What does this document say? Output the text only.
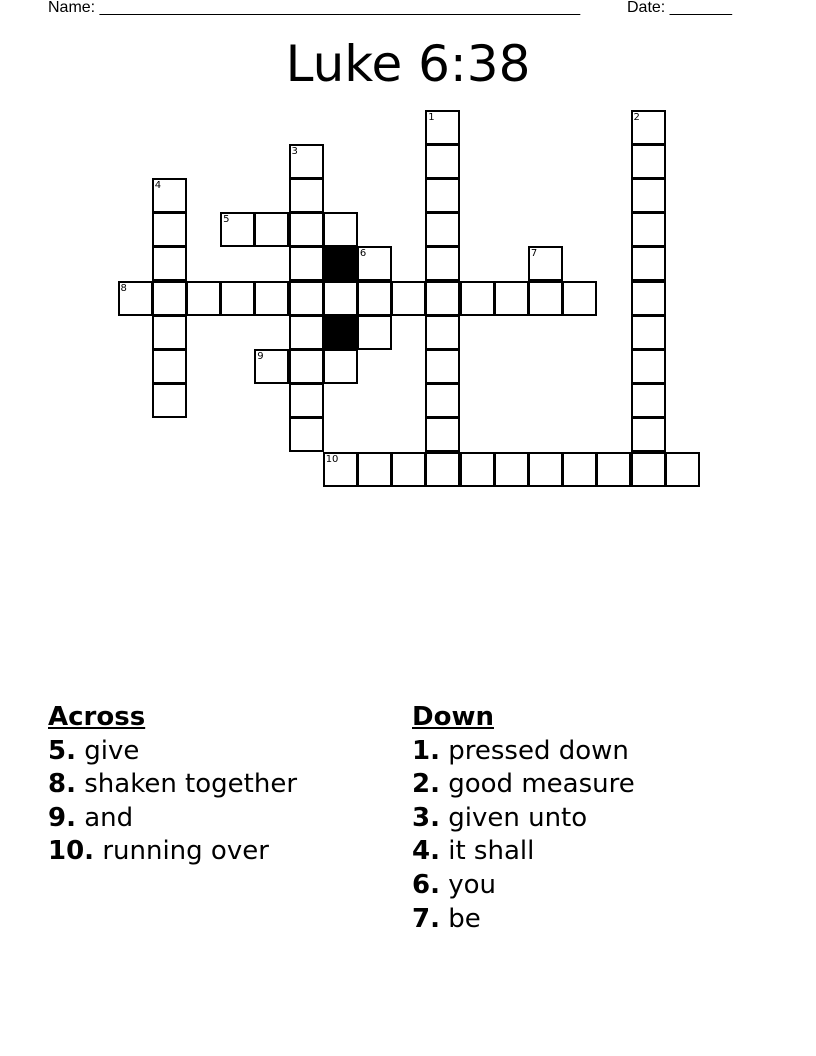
Name: ______________________________________________________	Date: _______
Luke 6:38
1	2
3
4
5
6	7
8
9
10
Across
5. give
8. shaken together
9. and
10. running over
Down
1. pressed down
2. good measure
3. given unto
4. it shall
6. you
7. be
